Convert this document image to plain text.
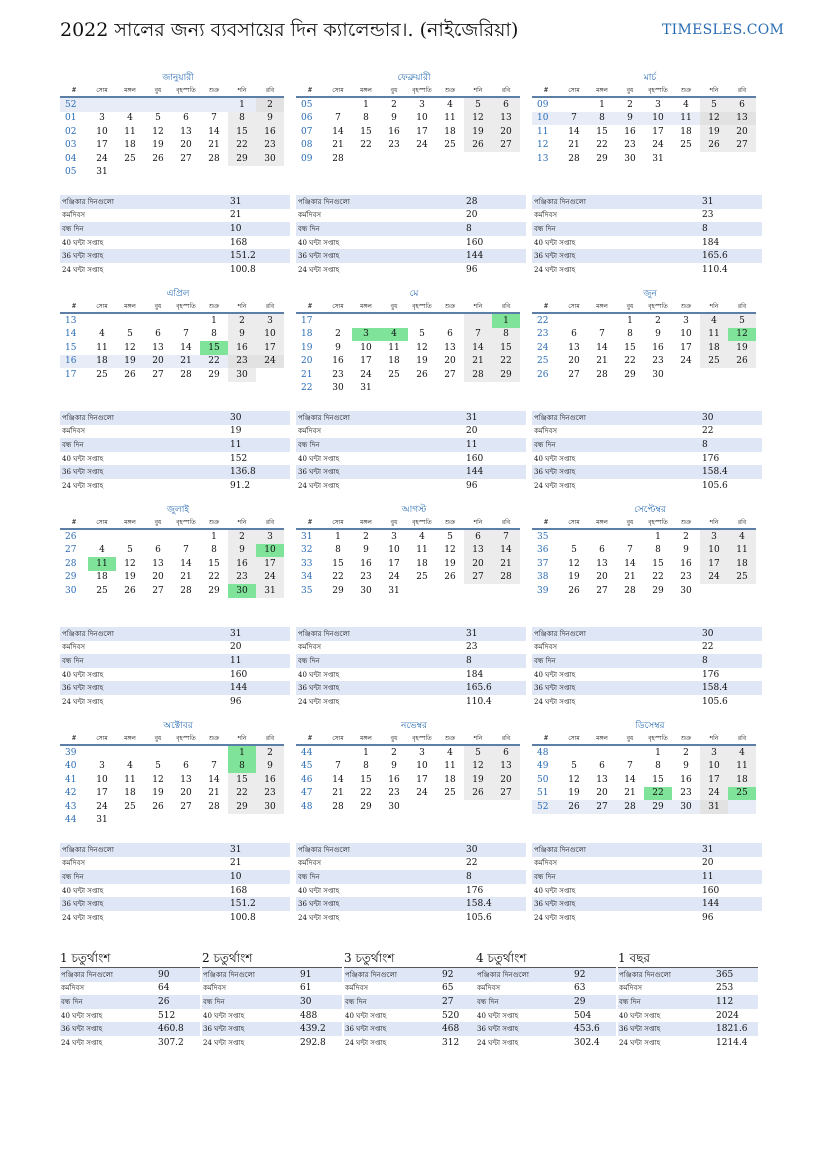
2022 সালের জন্য ব্যবসায়ের দিন ক্যালেন্ডার।. (নাইজেরিয়া)	TIMESLES.COM
জানুয়ারী
#	সোম	মঙ্গল	বুধ	বৃহস্পতি	শুক্র	শনি	রবি
52						1	2
01	3	4	5	6	7	8	9
02	10	11	12	13	14	15	16
03	17	18	19	20	21	22	23
04	24	25	26	27	28	29	30
05	31						
পঞ্জিকার দিনগুলো	31
কর্মদিবস	21
বন্ধ দিন	10
40 ঘন্টা সপ্তাহ	168
36 ঘন্টা সপ্তাহ	151.2
24 ঘন্টা সপ্তাহ	100.8
ফেব্রুয়ারী
#	সোম	মঙ্গল	বুধ	বৃহস্পতি	শুক্র	শনি	রবি
05		1	2	3	4	5	6
06	7	8	9	10	11	12	13
07	14	15	16	17	18	19	20
08	21	22	23	24	25	26	27
09	28						
পঞ্জিকার দিনগুলো	28
কর্মদিবস	20
বন্ধ দিন	8
40 ঘন্টা সপ্তাহ	160
36 ঘন্টা সপ্তাহ	144
24 ঘন্টা সপ্তাহ	96
মার্চ
#	সোম	মঙ্গল	বুধ	বৃহস্পতি	শুক্র	শনি	রবি
09		1	2	3	4	5	6
10	7	8	9	10	11	12	13
11	14	15	16	17	18	19	20
12	21	22	23	24	25	26	27
13	28	29	30	31			
পঞ্জিকার দিনগুলো	31
কর্মদিবস	23
বন্ধ দিন	8
40 ঘন্টা সপ্তাহ	184
36 ঘন্টা সপ্তাহ	165.6
24 ঘন্টা সপ্তাহ	110.4
এপ্রিল
#	সোম	মঙ্গল	বুধ	বৃহস্পতি	শুক্র	শনি	রবি
13					1	2	3
14	4	5	6	7	8	9	10
15	11	12	13	14	15	16	17
16	18	19	20	21	22	23	24
17	25	26	27	28	29	30	
পঞ্জিকার দিনগুলো	30
কর্মদিবস	19
বন্ধ দিন	11
40 ঘন্টা সপ্তাহ	152
36 ঘন্টা সপ্তাহ	136.8
24 ঘন্টা সপ্তাহ	91.2
মে
#	সোম	মঙ্গল	বুধ	বৃহস্পতি	শুক্র	শনি	রবি
17							1
18	2	3	4	5	6	7	8
19	9	10	11	12	13	14	15
20	16	17	18	19	20	21	22
21	23	24	25	26	27	28	29
22	30	31					
পঞ্জিকার দিনগুলো	31
কর্মদিবস	20
বন্ধ দিন	11
40 ঘন্টা সপ্তাহ	160
36 ঘন্টা সপ্তাহ	144
24 ঘন্টা সপ্তাহ	96
জুন
#	সোম	মঙ্গল	বুধ	বৃহস্পতি	শুক্র	শনি	রবি
22			1	2	3	4	5
23	6	7	8	9	10	11	12
24	13	14	15	16	17	18	19
25	20	21	22	23	24	25	26
26	27	28	29	30			
পঞ্জিকার দিনগুলো	30
কর্মদিবস	22
বন্ধ দিন	8
40 ঘন্টা সপ্তাহ	176
36 ঘন্টা সপ্তাহ	158.4
24 ঘন্টা সপ্তাহ	105.6
জুলাই
#	সোম	মঙ্গল	বুধ	বৃহস্পতি	শুক্র	শনি	রবি
26					1	2	3
27	4	5	6	7	8	9	10
28	11	12	13	14	15	16	17
29	18	19	20	21	22	23	24
30	25	26	27	28	29	30	31
পঞ্জিকার দিনগুলো	31
কর্মদিবস	20
বন্ধ দিন	11
40 ঘন্টা সপ্তাহ	160
36 ঘন্টা সপ্তাহ	144
24 ঘন্টা সপ্তাহ	96
আগস্ট
#	সোম	মঙ্গল	বুধ	বৃহস্পতি	শুক্র	শনি	রবি
31	1	2	3	4	5	6	7
32	8	9	10	11	12	13	14
33	15	16	17	18	19	20	21
34	22	23	24	25	26	27	28
35	29	30	31				
পঞ্জিকার দিনগুলো	31
কর্মদিবস	23
বন্ধ দিন	8
40 ঘন্টা সপ্তাহ	184
36 ঘন্টা সপ্তাহ	165.6
24 ঘন্টা সপ্তাহ	110.4
সেপ্টেম্বর
#	সোম	মঙ্গল	বুধ	বৃহস্পতি	শুক্র	শনি	রবি
35				1	2	3	4
36	5	6	7	8	9	10	11
37	12	13	14	15	16	17	18
38	19	20	21	22	23	24	25
39	26	27	28	29	30		
পঞ্জিকার দিনগুলো	30
কর্মদিবস	22
বন্ধ দিন	8
40 ঘন্টা সপ্তাহ	176
36 ঘন্টা সপ্তাহ	158.4
24 ঘন্টা সপ্তাহ	105.6
অক্টোবর
#	সোম	মঙ্গল	বুধ	বৃহস্পতি	শুক্র	শনি	রবি
39						1	2
40	3	4	5	6	7	8	9
41	10	11	12	13	14	15	16
42	17	18	19	20	21	22	23
43	24	25	26	27	28	29	30
44	31						
পঞ্জিকার দিনগুলো	31
কর্মদিবস	21
বন্ধ দিন	10
40 ঘন্টা সপ্তাহ	168
36 ঘন্টা সপ্তাহ	151.2
24 ঘন্টা সপ্তাহ	100.8
নভেম্বর
#	সোম	মঙ্গল	বুধ	বৃহস্পতি	শুক্র	শনি	রবি
44		1	2	3	4	5	6
45	7	8	9	10	11	12	13
46	14	15	16	17	18	19	20
47	21	22	23	24	25	26	27
48	28	29	30				
পঞ্জিকার দিনগুলো	30
কর্মদিবস	22
বন্ধ দিন	8
40 ঘন্টা সপ্তাহ	176
36 ঘন্টা সপ্তাহ	158.4
24 ঘন্টা সপ্তাহ	105.6
ডিসেম্বর
#	সোম	মঙ্গল	বুধ	বৃহস্পতি	শুক্র	শনি	রবি
48				1	2	3	4
49	5	6	7	8	9	10	11
50	12	13	14	15	16	17	18
51	19	20	21	22	23	24	25
52	26	27	28	29	30	31	
পঞ্জিকার দিনগুলো	31
কর্মদিবস	20
বন্ধ দিন	11
40 ঘন্টা সপ্তাহ	160
36 ঘন্টা সপ্তাহ	144
24 ঘন্টা সপ্তাহ	96
1 চতুর্থাংশ
পঞ্জিকার দিনগুলো	90
কর্মদিবস	64
বন্ধ দিন	26
40 ঘন্টা সপ্তাহ	512
36 ঘন্টা সপ্তাহ	460.8
24 ঘন্টা সপ্তাহ	307.2
2 চতুর্থাংশ
পঞ্জিকার দিনগুলো	91
কর্মদিবস	61
বন্ধ দিন	30
40 ঘন্টা সপ্তাহ	488
36 ঘন্টা সপ্তাহ	439.2
24 ঘন্টা সপ্তাহ	292.8
3 চতুর্থাংশ
পঞ্জিকার দিনগুলো	92
কর্মদিবস	65
বন্ধ দিন	27
40 ঘন্টা সপ্তাহ	520
36 ঘন্টা সপ্তাহ	468
24 ঘন্টা সপ্তাহ	312
4 চতুর্থাংশ
পঞ্জিকার দিনগুলো	92
কর্মদিবস	63
বন্ধ দিন	29
40 ঘন্টা সপ্তাহ	504
36 ঘন্টা সপ্তাহ	453.6
24 ঘন্টা সপ্তাহ	302.4
1 বছর
পঞ্জিকার দিনগুলো	365
কর্মদিবস	253
বন্ধ দিন	112
40 ঘন্টা সপ্তাহ	2024
36 ঘন্টা সপ্তাহ	1821.6
24 ঘন্টা সপ্তাহ	1214.4
